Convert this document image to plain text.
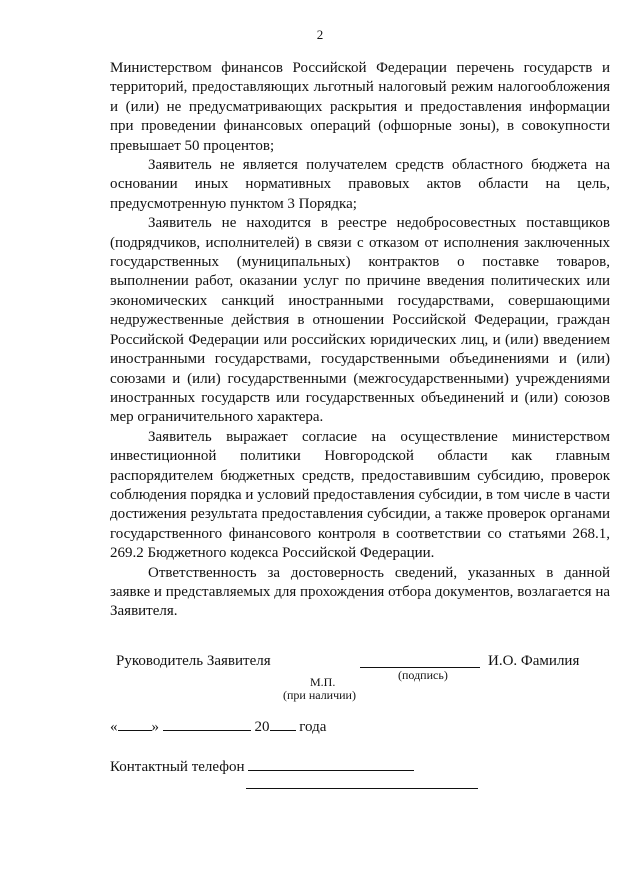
2

Министерством финансов Российской Федерации перечень государств и территорий, предоставляющих льготный налоговый режим налогообложения и (или) не предусматривающих раскрытия и предоставления информации при проведении финансовых операций (офшорные зоны), в совокупности превышает 50 процентов;

Заявитель не является получателем средств областного бюджета на основании иных нормативных правовых актов области на цель, предусмотренную пунктом 3 Порядка;

Заявитель не находится в реестре недобросовестных поставщиков (подрядчиков, исполнителей) в связи с отказом от исполнения заключенных государственных (муниципальных) контрактов о поставке товаров, выполнении работ, оказании услуг по причине введения политических или экономических санкций иностранными государствами, совершающими недружественные действия в отношении Российской Федерации, граждан Российской Федерации или российских юридических лиц, и (или) введением иностранными государствами, государственными объединениями и (или) союзами и (или) государственными (межгосударственными) учреждениями иностранных государств или государственных объединений и (или) союзов мер ограничительного характера.

Заявитель выражает согласие на осуществление министерством инвестиционной политики Новгородской области как главным распорядителем бюджетных средств, предоставившим субсидию, проверок соблюдения порядка и условий предоставления субсидии, в том числе в части достижения результата предоставления субсидии, а также проверок органами государственного финансового контроля в соответствии со статьями 268.1, 269.2 Бюджетного кодекса Российской Федерации.

Ответственность за достоверность сведений, указанных в данной заявке и представляемых для прохождения отбора документов, возлагается на Заявителя.

Руководитель Заявителя	И.О. Фамилия
(подпись)
М.П.
(при наличии)
« »	20 года
Контактный телефон
